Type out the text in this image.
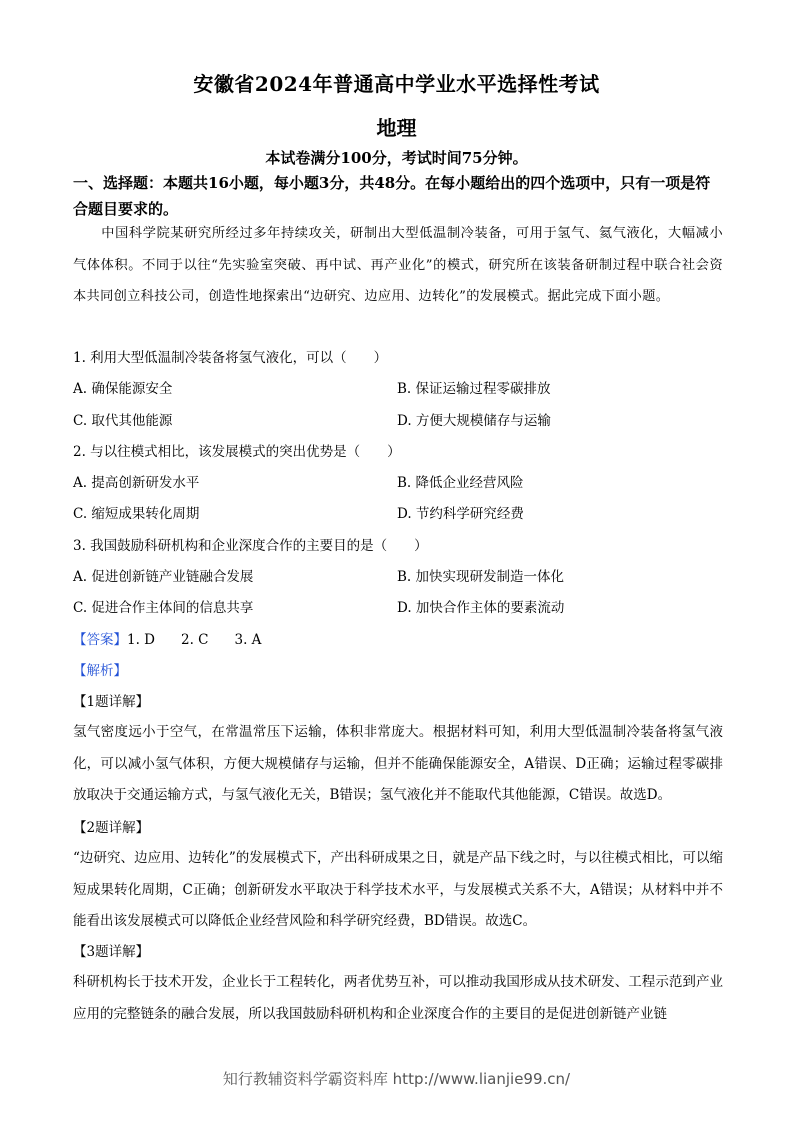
安徽省2024年普通高中学业水平选择性考试
地理
本试卷满分100分，考试时间75分钟。
一、选择题：本题共16小题，每小题3分，共48分。在每小题给出的四个选项中，只有一项是符合题目要求的。
中国科学院某研究所经过多年持续攻关，研制出大型低温制冷装备，可用于氢气、氦气液化，大幅减小气体体积。不同于以往“先实验室突破、再中试、再产业化”的模式，研究所在该装备研制过程中联合社会资本共同创立科技公司，创造性地探索出“边研究、边应用、边转化”的发展模式。据此完成下面小题。
1. 利用大型低温制冷装备将氢气液化，可以（　　）
A. 确保能源安全	B. 保证运输过程零碳排放
C. 取代其他能源	D. 方便大规模储存与运输
2. 与以往模式相比，该发展模式的突出优势是（　　）
A. 提高创新研发水平	B. 降低企业经营风险
C. 缩短成果转化周期	D. 节约科学研究经费
3. 我国鼓励科研机构和企业深度合作的主要目的是（　　）
A. 促进创新链产业链融合发展	B. 加快实现研发制造一体化
C. 促进合作主体间的信息共享	D. 加快合作主体的要素流动
【答案】1. D 2. C 3. A
【解析】
【1题详解】
氢气密度远小于空气，在常温常压下运输，体积非常庞大。根据材料可知，利用大型低温制冷装备将氢气液化，可以减小氢气体积，方便大规模储存与运输，但并不能确保能源安全，A错误、D正确；运输过程零碳排放取决于交通运输方式，与氢气液化无关，B错误；氢气液化并不能取代其他能源，C错误。故选D。
【2题详解】
“边研究、边应用、边转化”的发展模式下，产出科研成果之日，就是产品下线之时，与以往模式相比，可以缩短成果转化周期，C正确；创新研发水平取决于科学技术水平，与发展模式关系不大，A错误；从材料中并不能看出该发展模式可以降低企业经营风险和科学研究经费，BD错误。故选C。
【3题详解】
科研机构长于技术开发，企业长于工程转化，两者优势互补，可以推动我国形成从技术研发、工程示范到产业应用的完整链条的融合发展，所以我国鼓励科研机构和企业深度合作的主要目的是促进创新链产业链
知行教辅资料学霸资料库 http://www.lianjie99.cn/
